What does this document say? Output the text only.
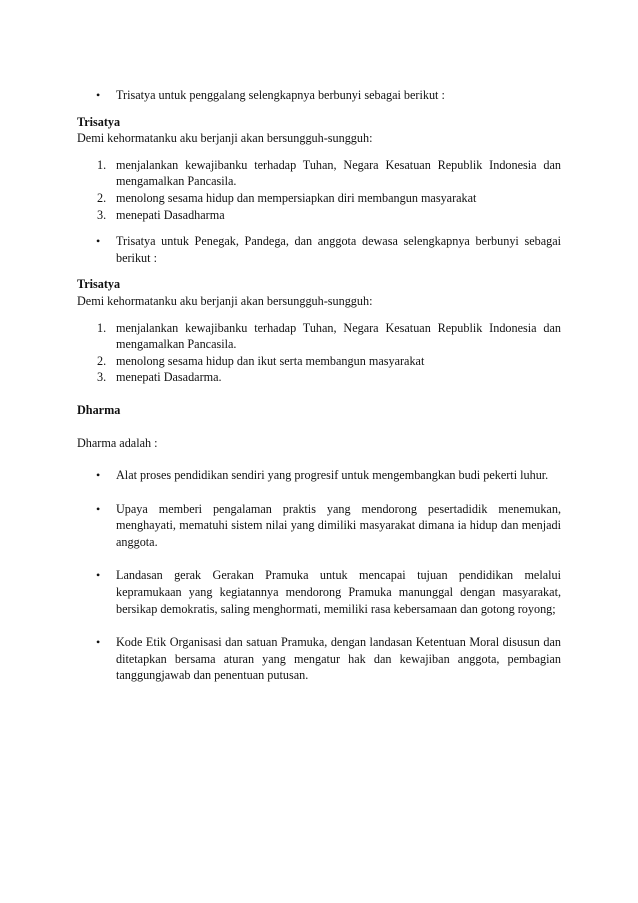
• Trisatya untuk penggalang selengkapnya berbunyi sebagai berikut :
Trisatya
Demi kehormatanku aku berjanji akan bersungguh-sungguh:
1. menjalankan kewajibanku terhadap Tuhan, Negara Kesatuan Republik Indonesia dan mengamalkan Pancasila.
2. menolong sesama hidup dan mempersiapkan diri membangun masyarakat
3. menepati Dasadharma
• Trisatya untuk Penegak, Pandega, dan anggota dewasa selengkapnya berbunyi sebagai berikut :
Trisatya
Demi kehormatanku aku berjanji akan bersungguh-sungguh:
1. menjalankan kewajibanku terhadap Tuhan, Negara Kesatuan Republik Indonesia dan mengamalkan Pancasila.
2. menolong sesama hidup dan ikut serta membangun masyarakat
3. menepati Dasadarma.
Dharma
Dharma adalah :
• Alat proses pendidikan sendiri yang progresif untuk mengembangkan budi pekerti luhur.
• Upaya memberi pengalaman praktis yang mendorong pesertadidik menemukan, menghayati, mematuhi sistem nilai yang dimiliki masyarakat dimana ia hidup dan menjadi anggota.
• Landasan gerak Gerakan Pramuka untuk mencapai tujuan pendidikan melalui kepramukaan yang kegiatannya mendorong Pramuka manunggal dengan masyarakat, bersikap demokratis, saling menghormati, memiliki rasa kebersamaan dan gotong royong;
• Kode Etik Organisasi dan satuan Pramuka, dengan landasan Ketentuan Moral disusun dan ditetapkan bersama aturan yang mengatur hak dan kewajiban anggota, pembagian tanggungjawab dan penentuan putusan.
